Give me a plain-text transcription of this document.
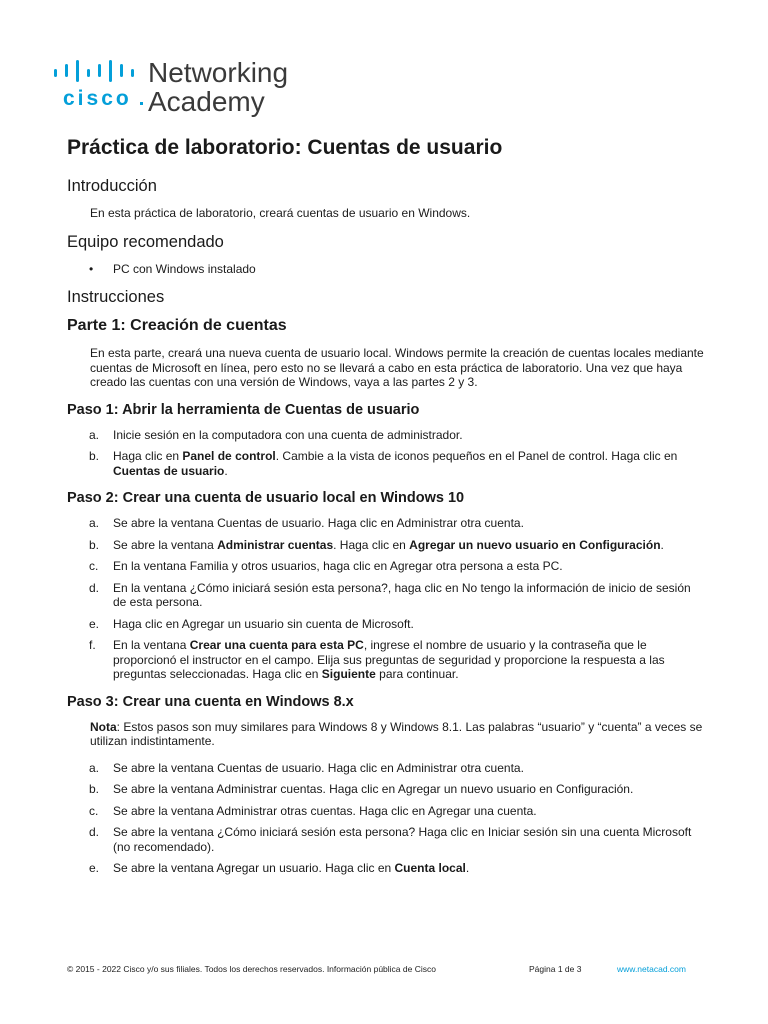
cisco
Networking
Academy
Práctica de laboratorio: Cuentas de usuario
Introducción

En esta práctica de laboratorio, creará cuentas de usuario en Windows.

Equipo recomendado
• PC con Windows instalado
Instrucciones
Parte 1: Creación de cuentas

En esta parte, creará una nueva cuenta de usuario local. Windows permite la creación de cuentas locales mediante cuentas de Microsoft en línea, pero esto no se llevará a cabo en esta práctica de laboratorio. Una vez que haya creado las cuentas con una versión de Windows, vaya a las partes 2 y 3.

Paso 1: Abrir la herramienta de Cuentas de usuario
a. Inicie sesión en la computadora con una cuenta de administrador.
b. Haga clic en Panel de control. Cambie a la vista de iconos pequeños en el Panel de control. Haga clic en Cuentas de usuario.
Paso 2: Crear una cuenta de usuario local en Windows 10
a. Se abre la ventana Cuentas de usuario. Haga clic en Administrar otra cuenta.
b. Se abre la ventana Administrar cuentas. Haga clic en Agregar un nuevo usuario en Configuración.
c. En la ventana Familia y otros usuarios, haga clic en Agregar otra persona a esta PC.
d. En la ventana ¿Cómo iniciará sesión esta persona?, haga clic en No tengo la información de inicio de sesión de esta persona.
e. Haga clic en Agregar un usuario sin cuenta de Microsoft.
f. En la ventana Crear una cuenta para esta PC, ingrese el nombre de usuario y la contraseña que le proporcionó el instructor en el campo. Elija sus preguntas de seguridad y proporcione la respuesta a las preguntas seleccionadas. Haga clic en Siguiente para continuar.
Paso 3: Crear una cuenta en Windows 8.x

Nota: Estos pasos son muy similares para Windows 8 y Windows 8.1. Las palabras “usuario” y “cuenta” a veces se utilizan indistintamente.

a. Se abre la ventana Cuentas de usuario. Haga clic en Administrar otra cuenta.
b. Se abre la ventana Administrar cuentas. Haga clic en Agregar un nuevo usuario en Configuración.
c. Se abre la ventana Administrar otras cuentas. Haga clic en Agregar una cuenta.
d. Se abre la ventana ¿Cómo iniciará sesión esta persona? Haga clic en Iniciar sesión sin una cuenta Microsoft (no recomendado).
e. Se abre la ventana Agregar un usuario. Haga clic en Cuenta local.
© 2015 - 2022 Cisco y/o sus filiales. Todos los derechos reservados. Información pública de Cisco	Página 1 de 3	www.netacad.com
